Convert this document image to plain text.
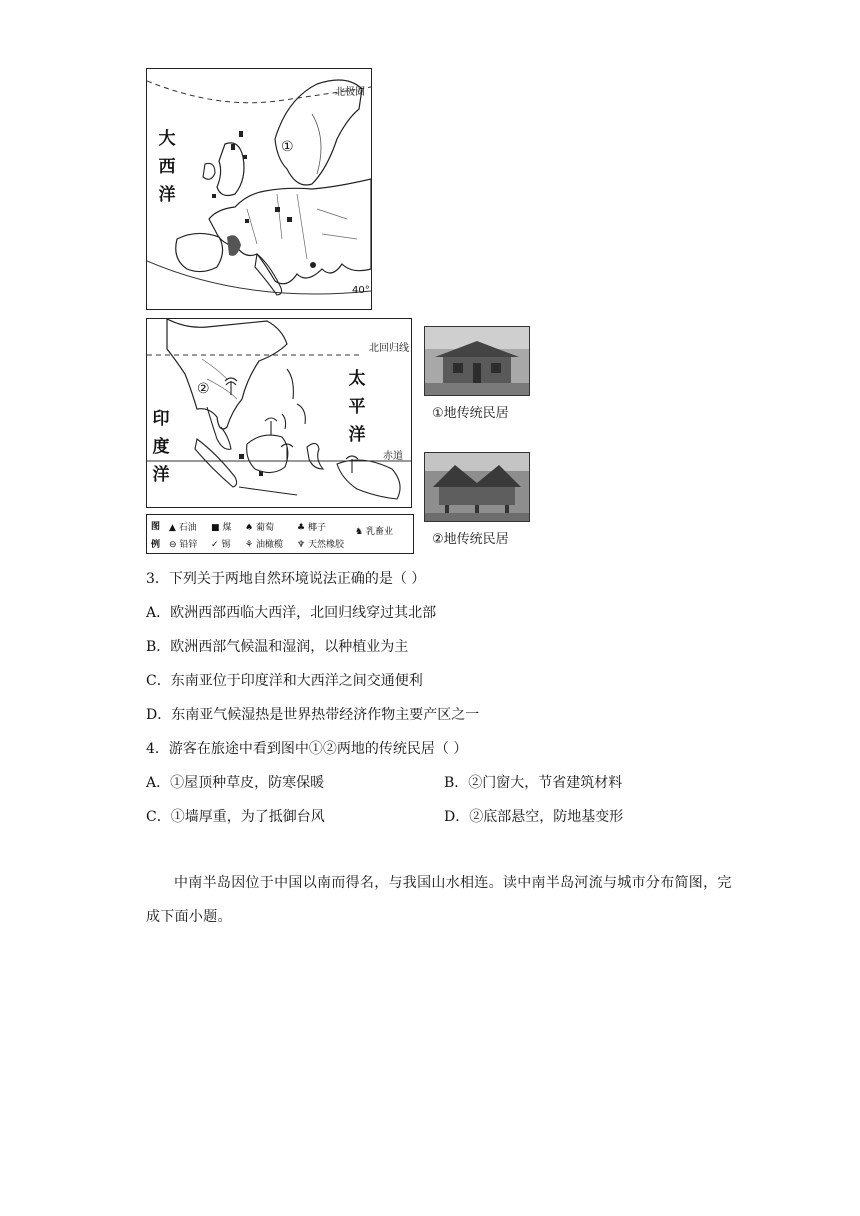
大
西
洋
北极圈
40°
①
太
平
洋
印
度
洋
北回归线
赤道
②
①地传统民居
②地传统民居
图
例
▲ 石油 ■ 煤 ♠ 葡萄	♣ 椰子	♞ 乳畜业
⊖ 铅锌 ✓ 锡 ⚘ 油橄榄 ♆ 天然橡胶
3．下列关于两地自然环境说法正确的是（ ）
A．欧洲西部西临大西洋，北回归线穿过其北部
B．欧洲西部气候温和湿润，以种植业为主
C．东南亚位于印度洋和大西洋之间交通便利
D．东南亚气候湿热是世界热带经济作物主要产区之一
4．游客在旅途中看到图中①②两地的传统民居（ ）
A．①屋顶种草皮，防寒保暖	B．②门窗大，节省建筑材料
C．①墙厚重，为了抵御台风	D．②底部悬空，防地基变形
中南半岛因位于中国以南而得名，与我国山水相连。读中南半岛河流与城市分布简图，完成下面小题。
